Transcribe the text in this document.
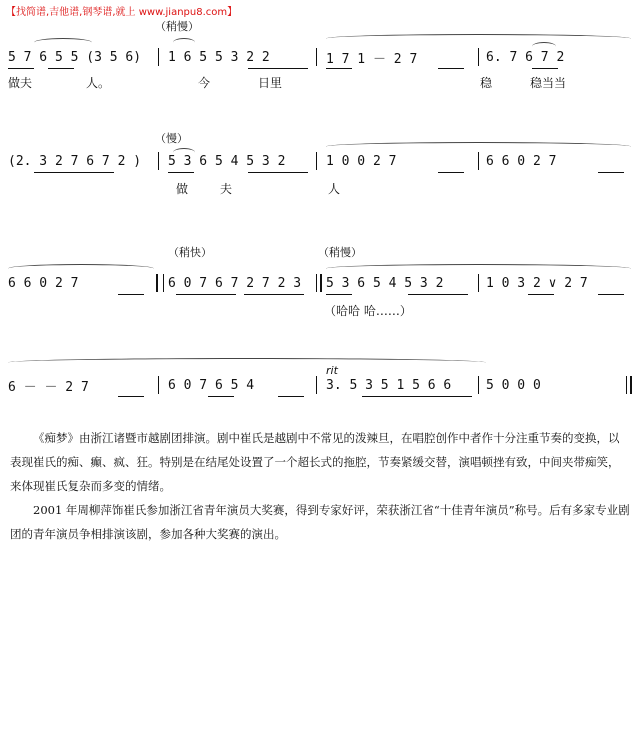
【找简谱,吉他谱,钢琴谱,就上 www.jianpu8.com】
（稍慢）
5 7 6 5 5 (3 5 6) 1 6 5 5 3 2 2	1 7 1 － 2 7	6. 7 6 7 2
做夫	人。	今	日里	稳	稳当当
（慢）
(2. 3 2 7 6 7 2 ) 5 3 6 5 4 5 3 2	1 0 0 2 7	6 6 0 2 7
做	夫	人
（稍快）	（稍慢）
6 6 0 2 7	6 0 7 6 7 2 7 2 3 5 3 6 5 4 5 3 2	1 0 3 2 ∨ 2 7
（哈哈 哈……）
rit
6 － － 2 7	6 0 7 6 5 4	3. 5 3 5 1 5 6 6	5 0 0 0

《痴梦》由浙江诸暨市越剧团排演。剧中崔氏是越剧中不常见的泼辣旦，在唱腔创作中者作十分注重节奏的变换，以表现崔氏的痴、癫、疯、狂。特别是在结尾处设置了一个超长式的拖腔，节奏紧缓交替，演唱顿挫有致，中间夹带痴笑，来体现崔氏复杂而多变的情绪。

2001 年周柳萍饰崔氏参加浙江省青年演员大奖赛，得到专家好评，荣获浙江省“十佳青年演员”称号。后有多家专业剧团的青年演员争相排演该剧，参加各种大奖赛的演出。
